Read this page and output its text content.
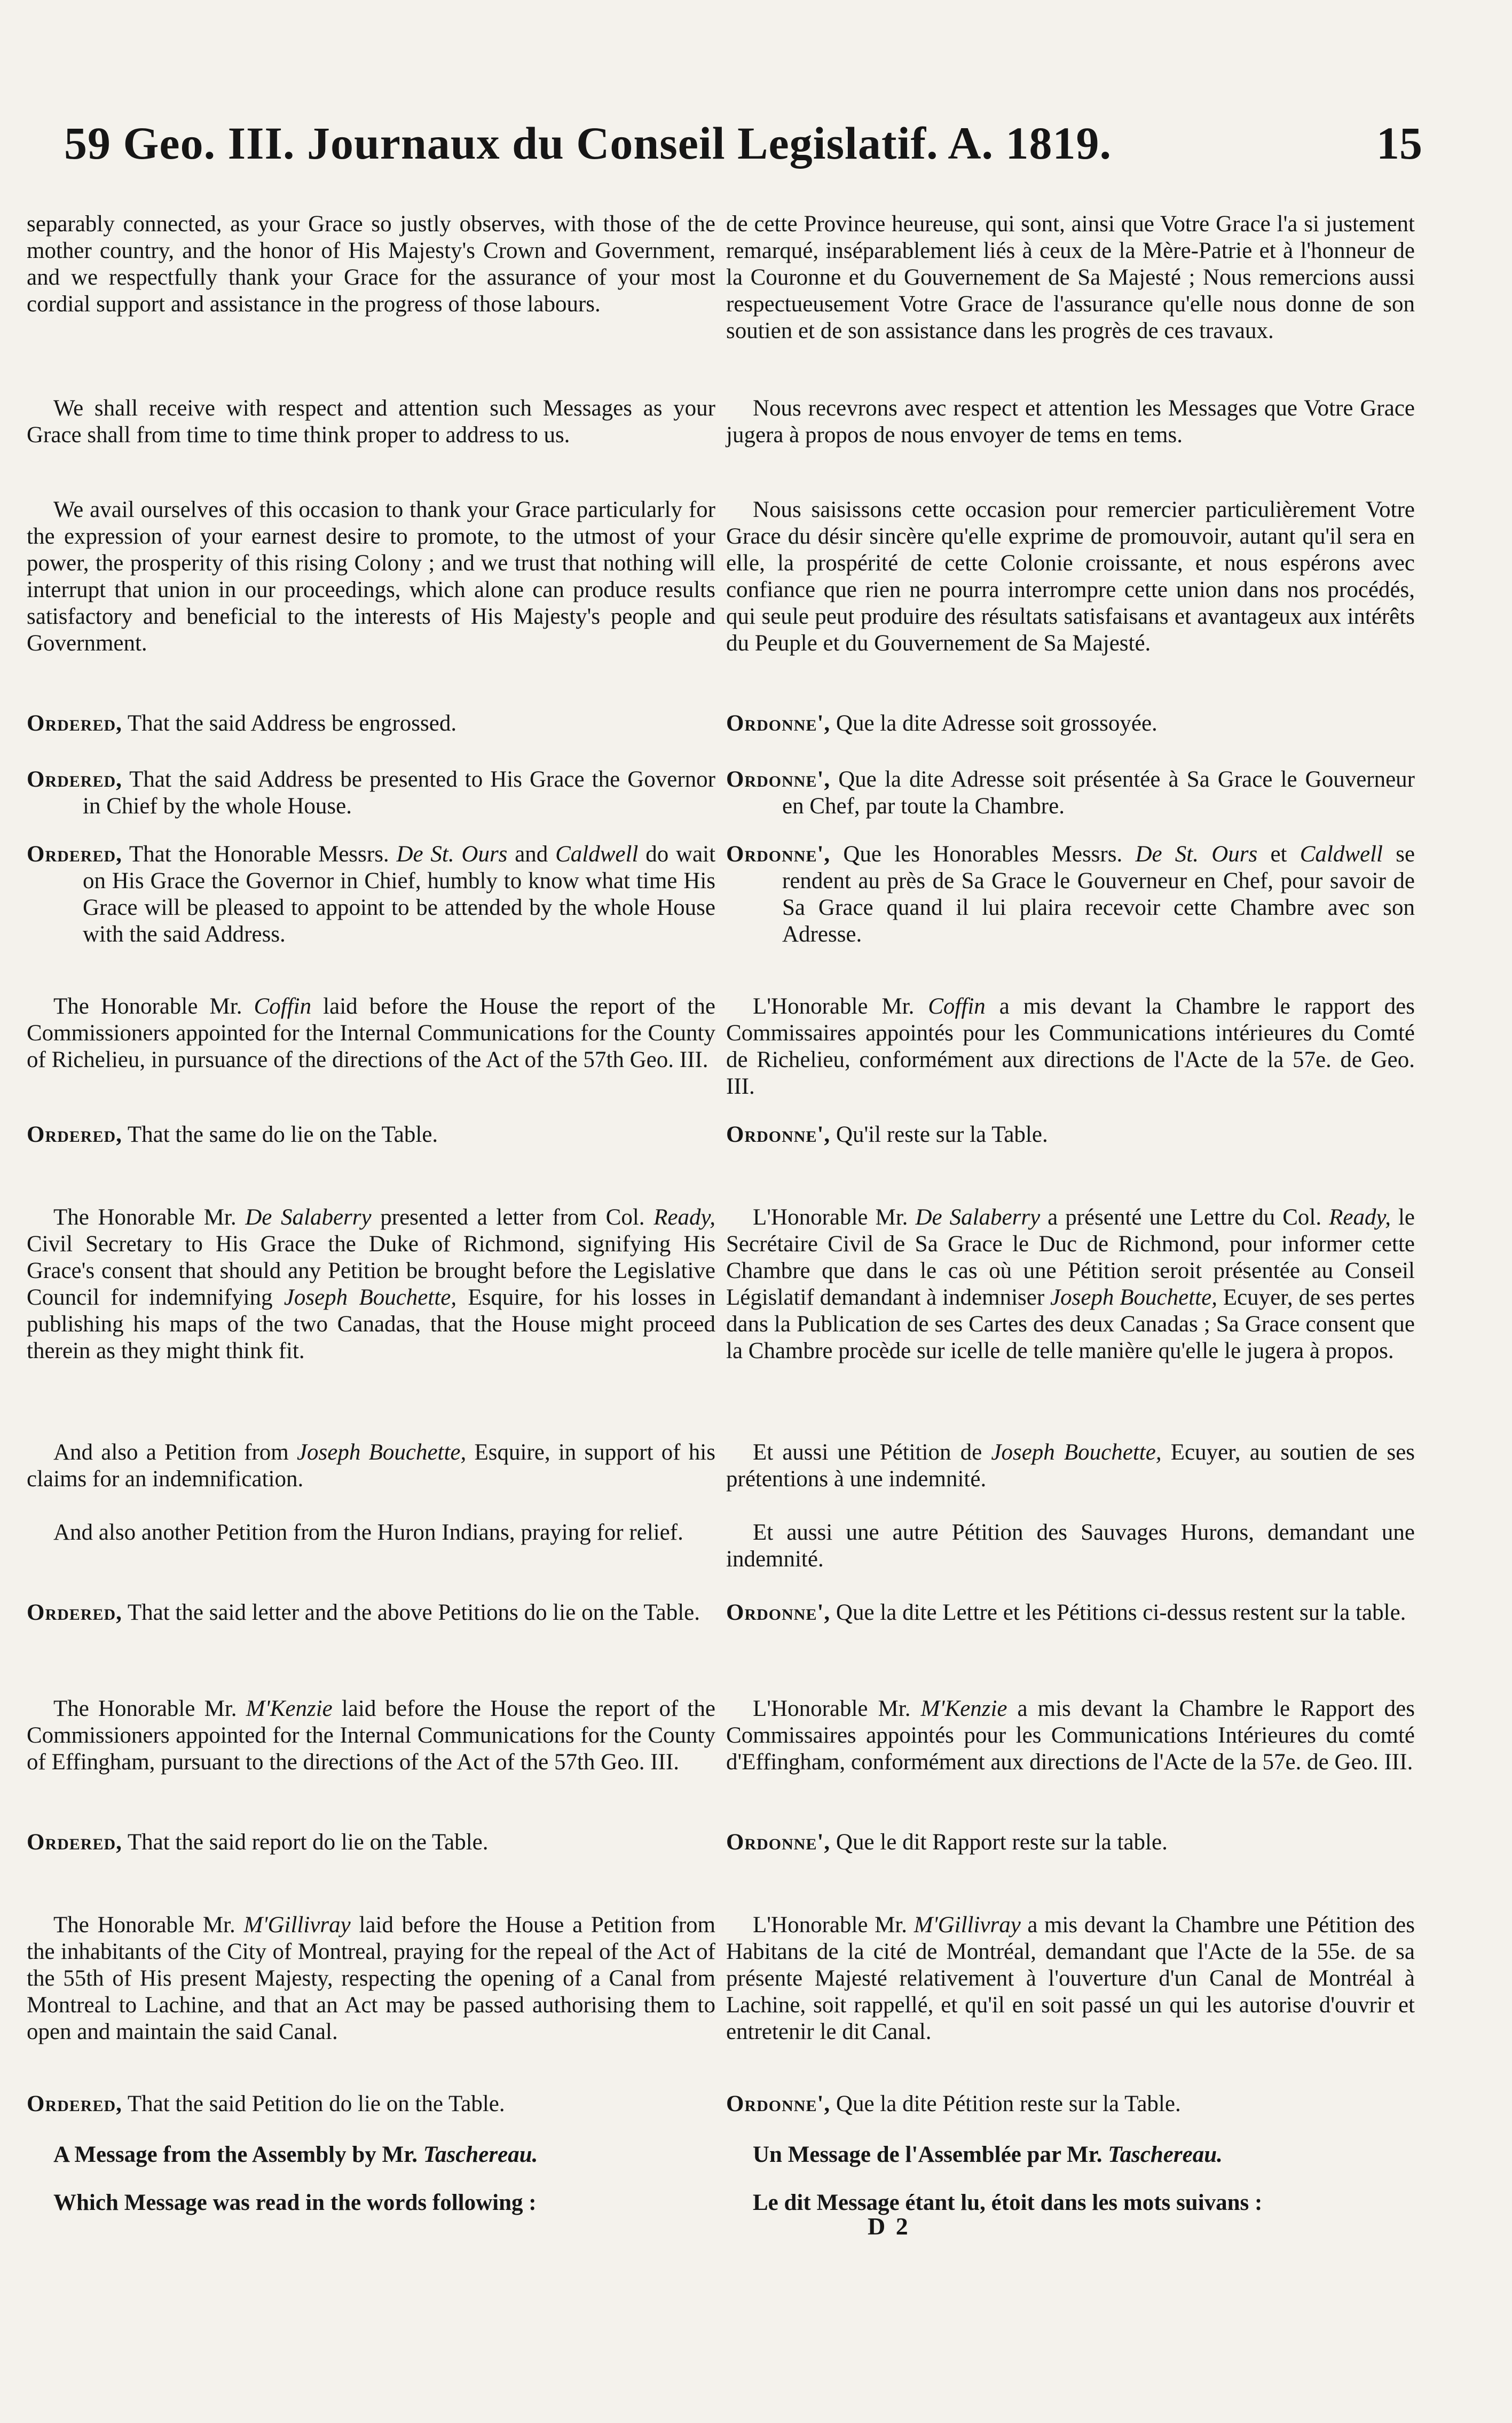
59 Geo. III. Journaux du Conseil Legislatif. A. 1819.	15

separably connected, as your Grace so justly observes, with those of the mother country, and the honor of His Majesty's Crown and Government, and we respectfully thank your Grace for the assurance of your most cordial support and assistance in the progress of those labours.

We shall receive with respect and attention such Messages as your Grace shall from time to time think proper to address to us.

We avail ourselves of this occasion to thank your Grace particularly for the expression of your earnest desire to promote, to the utmost of your power, the prosperity of this rising Colony ; and we trust that nothing will interrupt that union in our proceedings, which alone can produce results satisfactory and beneficial to the interests of His Majesty's people and Government.

Ordered, That the said Address be engrossed.

Ordered, That the said Address be presented to His Grace the Governor in Chief by the whole House.

Ordered, That the Honorable Messrs. De St. Ours and Caldwell do wait on His Grace the Governor in Chief, humbly to know what time His Grace will be pleased to appoint to be attended by the whole House with the said Address.

The Honorable Mr. Coffin laid before the House the report of the Commissioners appointed for the Internal Communications for the County of Richelieu, in pursuance of the directions of the Act of the 57th Geo. III.

Ordered, That the same do lie on the Table.

The Honorable Mr. De Salaberry presented a letter from Col. Ready, Civil Secretary to His Grace the Duke of Richmond, signifying His Grace's consent that should any Petition be brought before the Legislative Council for indemnifying Joseph Bouchette, Esquire, for his losses in publishing his maps of the two Canadas, that the House might proceed therein as they might think fit.

And also a Petition from Joseph Bouchette, Esquire, in support of his claims for an indemnification.

And also another Petition from the Huron Indians, praying for relief.

Ordered, That the said letter and the above Petitions do lie on the Table.

The Honorable Mr. M'Kenzie laid before the House the report of the Commissioners appointed for the Internal Communications for the County of Effingham, pursuant to the directions of the Act of the 57th Geo. III.

Ordered, That the said report do lie on the Table.

The Honorable Mr. M'Gillivray laid before the House a Petition from the inhabitants of the City of Montreal, praying for the repeal of the Act of the 55th of His present Majesty, respecting the opening of a Canal from Montreal to Lachine, and that an Act may be passed authorising them to open and maintain the said Canal.

Ordered, That the said Petition do lie on the Table.

A Message from the Assembly by Mr. Taschereau.

Which Message was read in the words following :

de cette Province heureuse, qui sont, ainsi que Votre Grace l'a si justement remarqué, inséparablement liés à ceux de la Mère-Patrie et à l'honneur de la Couronne et du Gouvernement de Sa Majesté ; Nous remercions aussi respectueusement Votre Grace de l'assurance qu'elle nous donne de son soutien et de son assistance dans les progrès de ces travaux.

Nous recevrons avec respect et attention les Messages que Votre Grace jugera à propos de nous envoyer de tems en tems.

Nous saisissons cette occasion pour remercier particulièrement Votre Grace du désir sincère qu'elle exprime de promouvoir, autant qu'il sera en elle, la prospérité de cette Colonie croissante, et nous espérons avec confiance que rien ne pourra interrompre cette union dans nos procédés, qui seule peut produire des résultats satisfaisans et avantageux aux intérêts du Peuple et du Gouvernement de Sa Majesté.

Ordonne', Que la dite Adresse soit grossoyée.

Ordonne', Que la dite Adresse soit présentée à Sa Grace le Gouverneur en Chef, par toute la Chambre.

Ordonne', Que les Honorables Messrs. De St. Ours et Caldwell se rendent au près de Sa Grace le Gouverneur en Chef, pour savoir de Sa Grace quand il lui plaira recevoir cette Chambre avec son Adresse.

L'Honorable Mr. Coffin a mis devant la Chambre le rapport des Commissaires appointés pour les Communications intérieures du Comté de Richelieu, conformément aux directions de l'Acte de la 57e. de Geo. III.

Ordonne', Qu'il reste sur la Table.

L'Honorable Mr. De Salaberry a présenté une Lettre du Col. Ready, le Secrétaire Civil de Sa Grace le Duc de Richmond, pour informer cette Chambre que dans le cas où une Pétition seroit présentée au Conseil Législatif demandant à indemniser Joseph Bouchette, Ecuyer, de ses pertes dans la Publication de ses Cartes des deux Canadas ; Sa Grace consent que la Chambre procède sur icelle de telle manière qu'elle le jugera à propos.

Et aussi une Pétition de Joseph Bouchette, Ecuyer, au soutien de ses prétentions à une indemnité.

Et aussi une autre Pétition des Sauvages Hurons, demandant une indemnité.

Ordonne', Que la dite Lettre et les Pétitions ci-dessus restent sur la table.

L'Honorable Mr. M'Kenzie a mis devant la Chambre le Rapport des Commissaires appointés pour les Communications Intérieures du comté d'Effingham, conformément aux directions de l'Acte de la 57e. de Geo. III.

Ordonne', Que le dit Rapport reste sur la table.

L'Honorable Mr. M'Gillivray a mis devant la Chambre une Pétition des Habitans de la cité de Montréal, demandant que l'Acte de la 55e. de sa présente Majesté relativement à l'ouverture d'un Canal de Montréal à Lachine, soit rappellé, et qu'il en soit passé un qui les autorise d'ouvrir et entretenir le dit Canal.

Ordonne', Que la dite Pétition reste sur la Table.

Un Message de l'Assemblée par Mr. Taschereau.

Le dit Message étant lu, étoit dans les mots suivans :

D 2
